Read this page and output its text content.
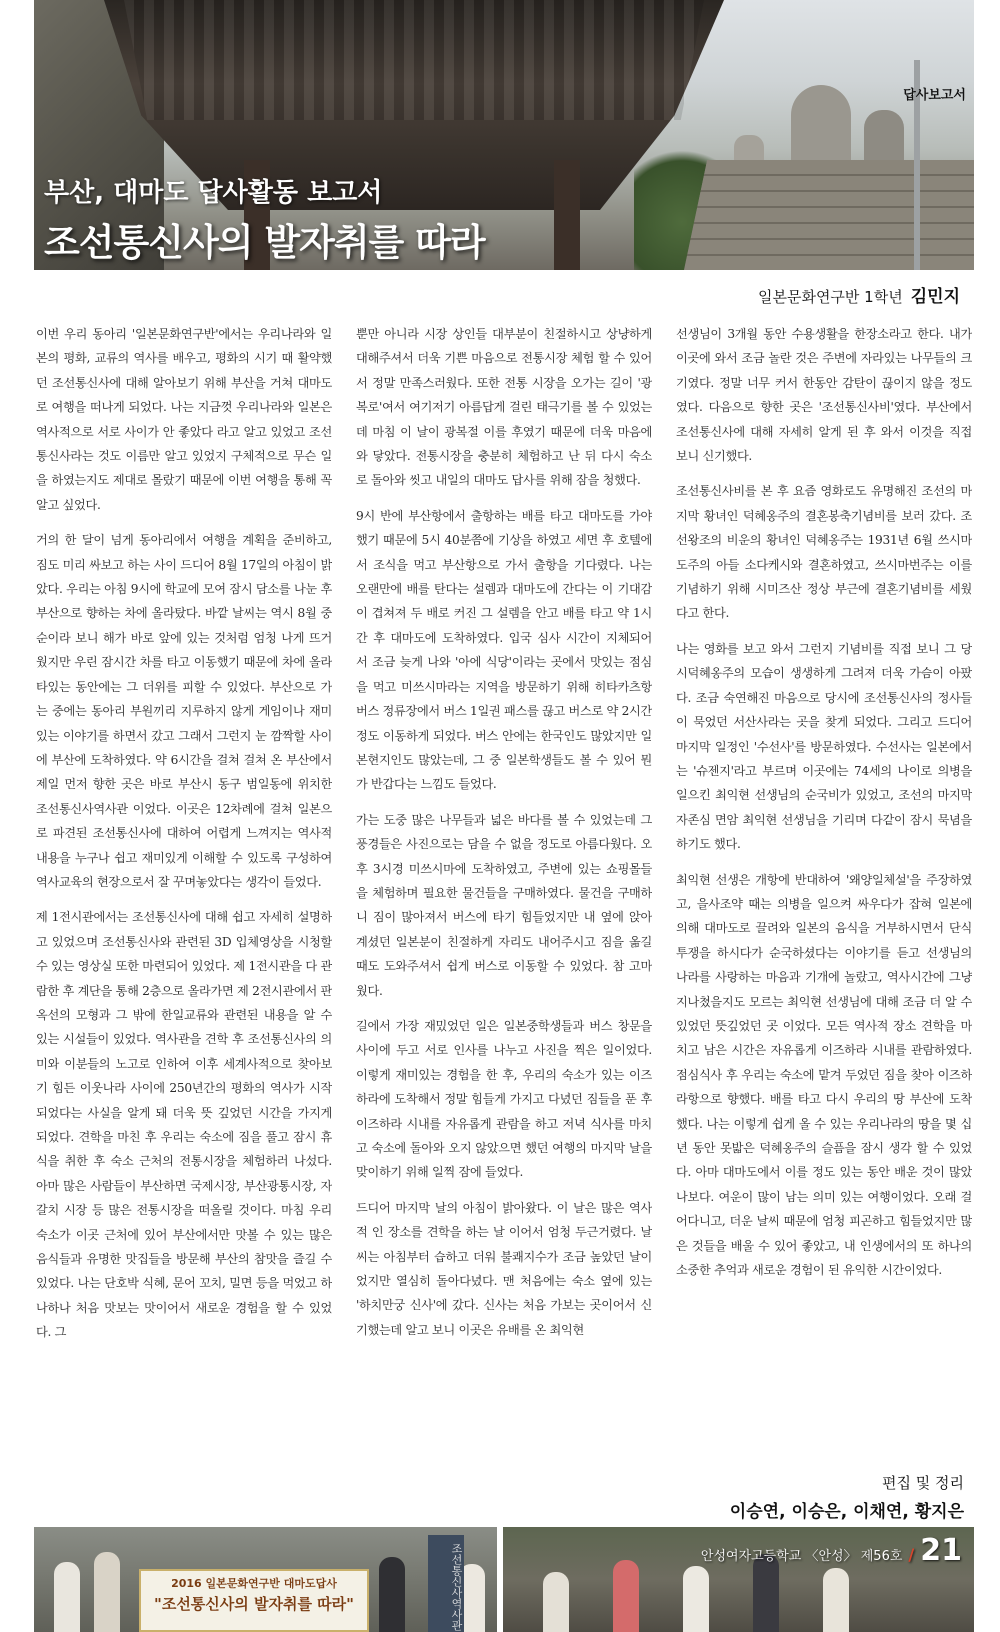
답사보고서
부산, 대마도 답사활동 보고서
조선통신사의 발자취를 따라
일본문화연구반 1학년 김민지

이번 우리 동아리 '일본문화연구반'에서는 우리나라와 일본의 평화, 교류의 역사를 배우고, 평화의 시기 때 활약했던 조선통신사에 대해 알아보기 위해 부산을 거쳐 대마도로 여행을 떠나게 되었다. 나는 지금껏 우리나라와 일본은 역사적으로 서로 사이가 안 좋았다 라고 알고 있었고 조선통신사라는 것도 이름만 알고 있었지 구체적으로 무슨 일을 하였는지도 제대로 몰랐기 때문에 이번 여행을 통해 꼭 알고 싶었다.

거의 한 달이 넘게 동아리에서 여행을 계획을 준비하고, 짐도 미리 싸보고 하는 사이 드디어 8월 17일의 아침이 밝았다. 우리는 아침 9시에 학교에 모여 잠시 담소를 나눈 후 부산으로 향하는 차에 올라탔다. 바깥 날씨는 역시 8월 중순이라 보니 해가 바로 앞에 있는 것처럼 엄청 나게 뜨거웠지만 우린 잠시간 차를 타고 이동했기 때문에 차에 올라 타있는 동안에는 그 더위를 피할 수 있었다. 부산으로 가는 중에는 동아리 부원끼리 지루하지 않게 게임이나 재미있는 이야기를 하면서 갔고 그래서 그런지 눈 깜짝할 사이에 부산에 도착하였다. 약 6시간을 걸쳐 걸쳐 온 부산에서 제일 먼저 향한 곳은 바로 부산시 동구 범일동에 위치한 조선통신사역사관 이었다. 이곳은 12차례에 걸쳐 일본으로 파견된 조선통신사에 대하여 어렵게 느껴지는 역사적 내용을 누구나 쉽고 재미있게 이해할 수 있도록 구성하여 역사교육의 현장으로서 잘 꾸며놓았다는 생각이 들었다.

제 1전시관에서는 조선통신사에 대해 쉽고 자세히 설명하고 있었으며 조선통신사와 관련된 3D 입체영상을 시청할 수 있는 영상실 또한 마련되어 있었다. 제 1전시관을 다 관람한 후 계단을 통해 2층으로 올라가면 제 2전시관에서 판옥선의 모형과 그 밖에 한일교류와 관련된 내용을 알 수 있는 시설들이 있었다. 역사관을 견학 후 조선통신사의 의미와 이분들의 노고로 인하여 이후 세계사적으로 찾아보기 힘든 이웃나라 사이에 250년간의 평화의 역사가 시작 되었다는 사실을 알게 돼 더욱 뜻 깊었던 시간을 가지게 되었다. 견학을 마친 후 우리는 숙소에 짐을 풀고 잠시 휴식을 취한 후 숙소 근처의 전통시장을 체험하러 나섰다. 아마 많은 사람들이 부산하면 국제시장, 부산광통시장, 자갈치 시장 등 많은 전통시장을 떠올릴 것이다. 마침 우리 숙소가 이곳 근처에 있어 부산에서만 맛볼 수 있는 많은 음식들과 유명한 맛집들을 방문해 부산의 참맛을 즐길 수 있었다. 나는 단호박 식혜, 문어 꼬치, 밀면 등을 먹었고 하나하나 처음 맛보는 맛이어서 새로운 경험을 할 수 있었다. 그

뿐만 아니라 시장 상인들 대부분이 친절하시고 상냥하게 대해주셔서 더욱 기쁜 마음으로 전통시장 체험 할 수 있어서 정말 만족스러웠다. 또한 전통 시장을 오가는 길이 '광복로'여서 여기저기 아름답게 걸린 태극기를 볼 수 있었는데 마침 이 날이 광복절 이를 후였기 때문에 더욱 마음에 와 닿았다. 전통시장을 충분히 체험하고 난 뒤 다시 숙소로 돌아와 씻고 내일의 대마도 답사를 위해 잠을 청했다.

9시 반에 부산항에서 출항하는 배를 타고 대마도를 가야 했기 때문에 5시 40분쯤에 기상을 하였고 세면 후 호텔에서 조식을 먹고 부산항으로 가서 출항을 기다렸다. 나는 오랜만에 배를 탄다는 설렘과 대마도에 간다는 이 기대감이 겹쳐져 두 배로 커진 그 설렘을 안고 배를 타고 약 1시간 후 대마도에 도착하였다. 입국 심사 시간이 지체되어 서 조금 늦게 나와 '아에 식당'이라는 곳에서 맛있는 점심을 먹고 미쓰시마라는 지역을 방문하기 위해 히타카츠항 버스 정류장에서 버스 1일권 패스를 끊고 버스로 약 2시간 정도 이동하게 되었다. 버스 안에는 한국인도 많았지만 일본현지인도 많았는데, 그 중 일본학생들도 볼 수 있어 뭔가 반갑다는 느낌도 들었다.

가는 도중 많은 나무들과 넓은 바다를 볼 수 있었는데 그 풍경들은 사진으로는 담을 수 없을 정도로 아름다웠다. 오후 3시경 미쓰시마에 도착하였고, 주변에 있는 쇼핑몰들을 체험하며 필요한 물건들을 구매하였다. 물건을 구매하니 짐이 많아져서 버스에 타기 힘들었지만 내 옆에 앉아 계셨던 일본분이 친절하게 자리도 내어주시고 짐을 옮길 때도 도와주셔서 쉽게 버스로 이동할 수 있었다. 참 고마웠다.

길에서 가장 재밌었던 일은 일본중학생들과 버스 창문을 사이에 두고 서로 인사를 나누고 사진을 찍은 일이었다. 이렇게 재미있는 경험을 한 후, 우리의 숙소가 있는 이즈하라에 도착해서 정말 힘들게 가지고 다녔던 짐들을 푼 후 이즈하라 시내를 자유롭게 관람을 하고 저녁 식사를 마치고 숙소에 돌아와 오지 않았으면 했던 여행의 마지막 날을 맞이하기 위해 일찍 잠에 들었다.

드디어 마지막 날의 아침이 밝아왔다. 이 날은 많은 역사적 인 장소를 견학을 하는 날 이어서 엄청 두근거렸다. 날씨는 아침부터 습하고 더워 불쾌지수가 조금 높았던 날이었지만 열심히 돌아다녔다. 맨 처음에는 숙소 옆에 있는 '하치만궁 신사'에 갔다. 신사는 처음 가보는 곳이어서 신기했는데 알고 보니 이곳은 유배를 온 최익현

선생님이 3개월 동안 수용생활을 한장소라고 한다. 내가 이곳에 와서 조금 놀란 것은 주변에 자라있는 나무들의 크기였다. 정말 너무 커서 한동안 감탄이 끊이지 않을 정도였다. 다음으로 향한 곳은 '조선통신사비'였다. 부산에서 조선통신사에 대해 자세히 알게 된 후 와서 이것을 직접 보니 신기했다.

조선통신사비를 본 후 요즘 영화로도 유명해진 조선의 마지막 황녀인 덕혜옹주의 결혼봉축기념비를 보러 갔다. 조선왕조의 비운의 황녀인 덕혜옹주는 1931년 6월 쓰시마도주의 아들 소다케시와 결혼하였고, 쓰시마번주는 이를 기념하기 위해 시미즈산 정상 부근에 결혼기념비를 세웠다고 한다.

나는 영화를 보고 와서 그런지 기념비를 직접 보니 그 당시덕혜옹주의 모습이 생생하게 그려져 더욱 가슴이 아팠다. 조금 숙연해진 마음으로 당시에 조선통신사의 정사들이 묵었던 서산사라는 곳을 찾게 되었다. 그리고 드디어 마지막 일정인 '수선사'를 방문하였다. 수선사는 일본에서는 '슈젠지'라고 부르며 이곳에는 74세의 나이로 의병을 일으킨 최익현 선생님의 순국비가 있었고, 조선의 마지막 자존심 면암 최익현 선생님을 기리며 다같이 잠시 묵념을 하기도 했다.

최익현 선생은 개항에 반대하여 '왜양일체설'을 주장하였고, 을사조약 때는 의병을 일으켜 싸우다가 잡혀 일본에 의해 대마도로 끌려와 일본의 음식을 거부하시면서 단식투쟁을 하시다가 순국하셨다는 이야기를 듣고 선생님의 나라를 사랑하는 마음과 기개에 놀랐고, 역사시간에 그냥 지나쳤을지도 모르는 최익현 선생님에 대해 조금 더 알 수 있었던 뜻깊었던 곳 이었다. 모든 역사적 장소 견학을 마치고 남은 시간은 자유롭게 이즈하라 시내를 관람하였다. 점심식사 후 우리는 숙소에 맡겨 두었던 짐을 찾아 이즈하라항으로 향했다. 배를 타고 다시 우리의 땅 부산에 도착했다. 나는 이렇게 쉽게 올 수 있는 우리나라의 땅을 몇 십 년 동안 못밟은 덕혜옹주의 슬픔을 잠시 생각 할 수 있었다. 아마 대마도에서 이를 정도 있는 동안 배운 것이 많았나보다. 여운이 많이 남는 의미 있는 여행이었다. 오래 걸어다니고, 더운 날씨 때문에 엄청 피곤하고 힘들었지만 많은 것들을 배울 수 있어 좋았고, 내 인생에서의 또 하나의 소중한 추억과 새로운 경험이 된 유익한 시간이었다.

편집 및 정리
이승연, 이승은, 이채연, 황지은
2016 일본문화연구반 대마도답사
"조선통신사의 발자취를 따라"	조선통신사역사관	안성여자고등학교 〈안성〉 제56호 / 21
